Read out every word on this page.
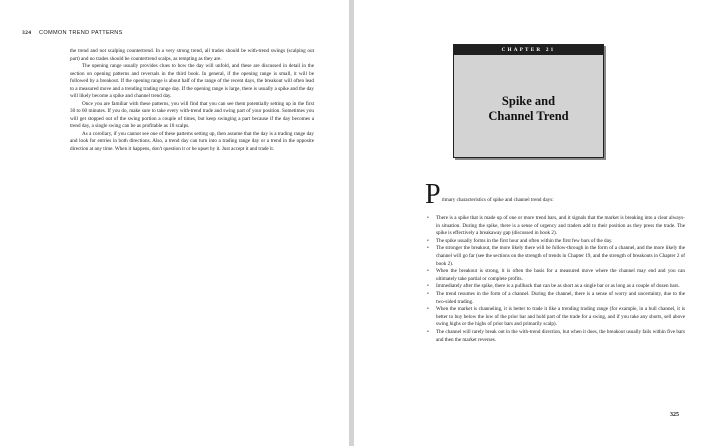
324 COMMON TREND PATTERNS

the trend and not scalping countertrend. In a very strong trend, all trades should be with-trend swings (scalping out part) and no trades should be countertrend scalps, as tempting as they are.

The opening range usually provides clues to how the day will unfold, and these are discussed in detail in the section on opening patterns and reversals in the third book. In general, if the opening range is small, it will be followed by a breakout. If the opening range is about half of the range of the recent days, the breakout will often lead to a measured move and a trending trading range day. If the opening range is large, there is usually a spike and the day will likely become a spike and channel trend day.

Once you are familiar with these patterns, you will find that you can see them potentially setting up in the first 30 to 60 minutes. If you do, make sure to take every with-trend trade and swing part of your position. Sometimes you will get stopped out of the swing portion a couple of times, but keep swinging a part because if the day becomes a trend day, a single swing can be as profitable as 10 scalps.

As a corollary, if you cannot see one of these patterns setting up, then assume that the day is a trading range day and look for entries in both directions. Also, a trend day can turn into a trading range day or a trend in the opposite direction at any time. When it happens, don't question it or be upset by it. Just accept it and trade it.

CHAPTER 21
Spike and
Channel Trend
P rimary characteristics of spike and channel trend days:
• There is a spike that is made up of one or more trend bars, and it signals that the market is breaking into a clear always-in situation. During the spike, there is a sense of urgency and traders add to their position as they press the trade. The spike is effectively a breakaway gap (discussed in book 2).
• The spike usually forms in the first hour and often within the first few bars of the day.
• The stronger the breakout, the more likely there will be follow-through in the form of a channel, and the more likely the channel will go far (see the sections on the strength of trends in Chapter 19, and the strength of breakouts in Chapter 2 of book 2).
• When the breakout is strong, it is often the basis for a measured move where the channel may end and you can ultimately take partial or complete profits.
• Immediately after the spike, there is a pullback that can be as short as a single bar or as long as a couple of dozen bars.
• The trend resumes in the form of a channel. During the channel, there is a sense of worry and uncertainty, due to the two-sided trading.
• When the market is channeling, it is better to trade it like a trending trading range (for example, in a bull channel, it is better to buy below the low of the prior bar and hold part of the trade for a swing, and if you take any shorts, sell above swing highs or the highs of prior bars and primarily scalp).
• The channel will rarely break out in the with-trend direction, but when it does, the breakout usually fails within five bars and then the market reverses.
325
